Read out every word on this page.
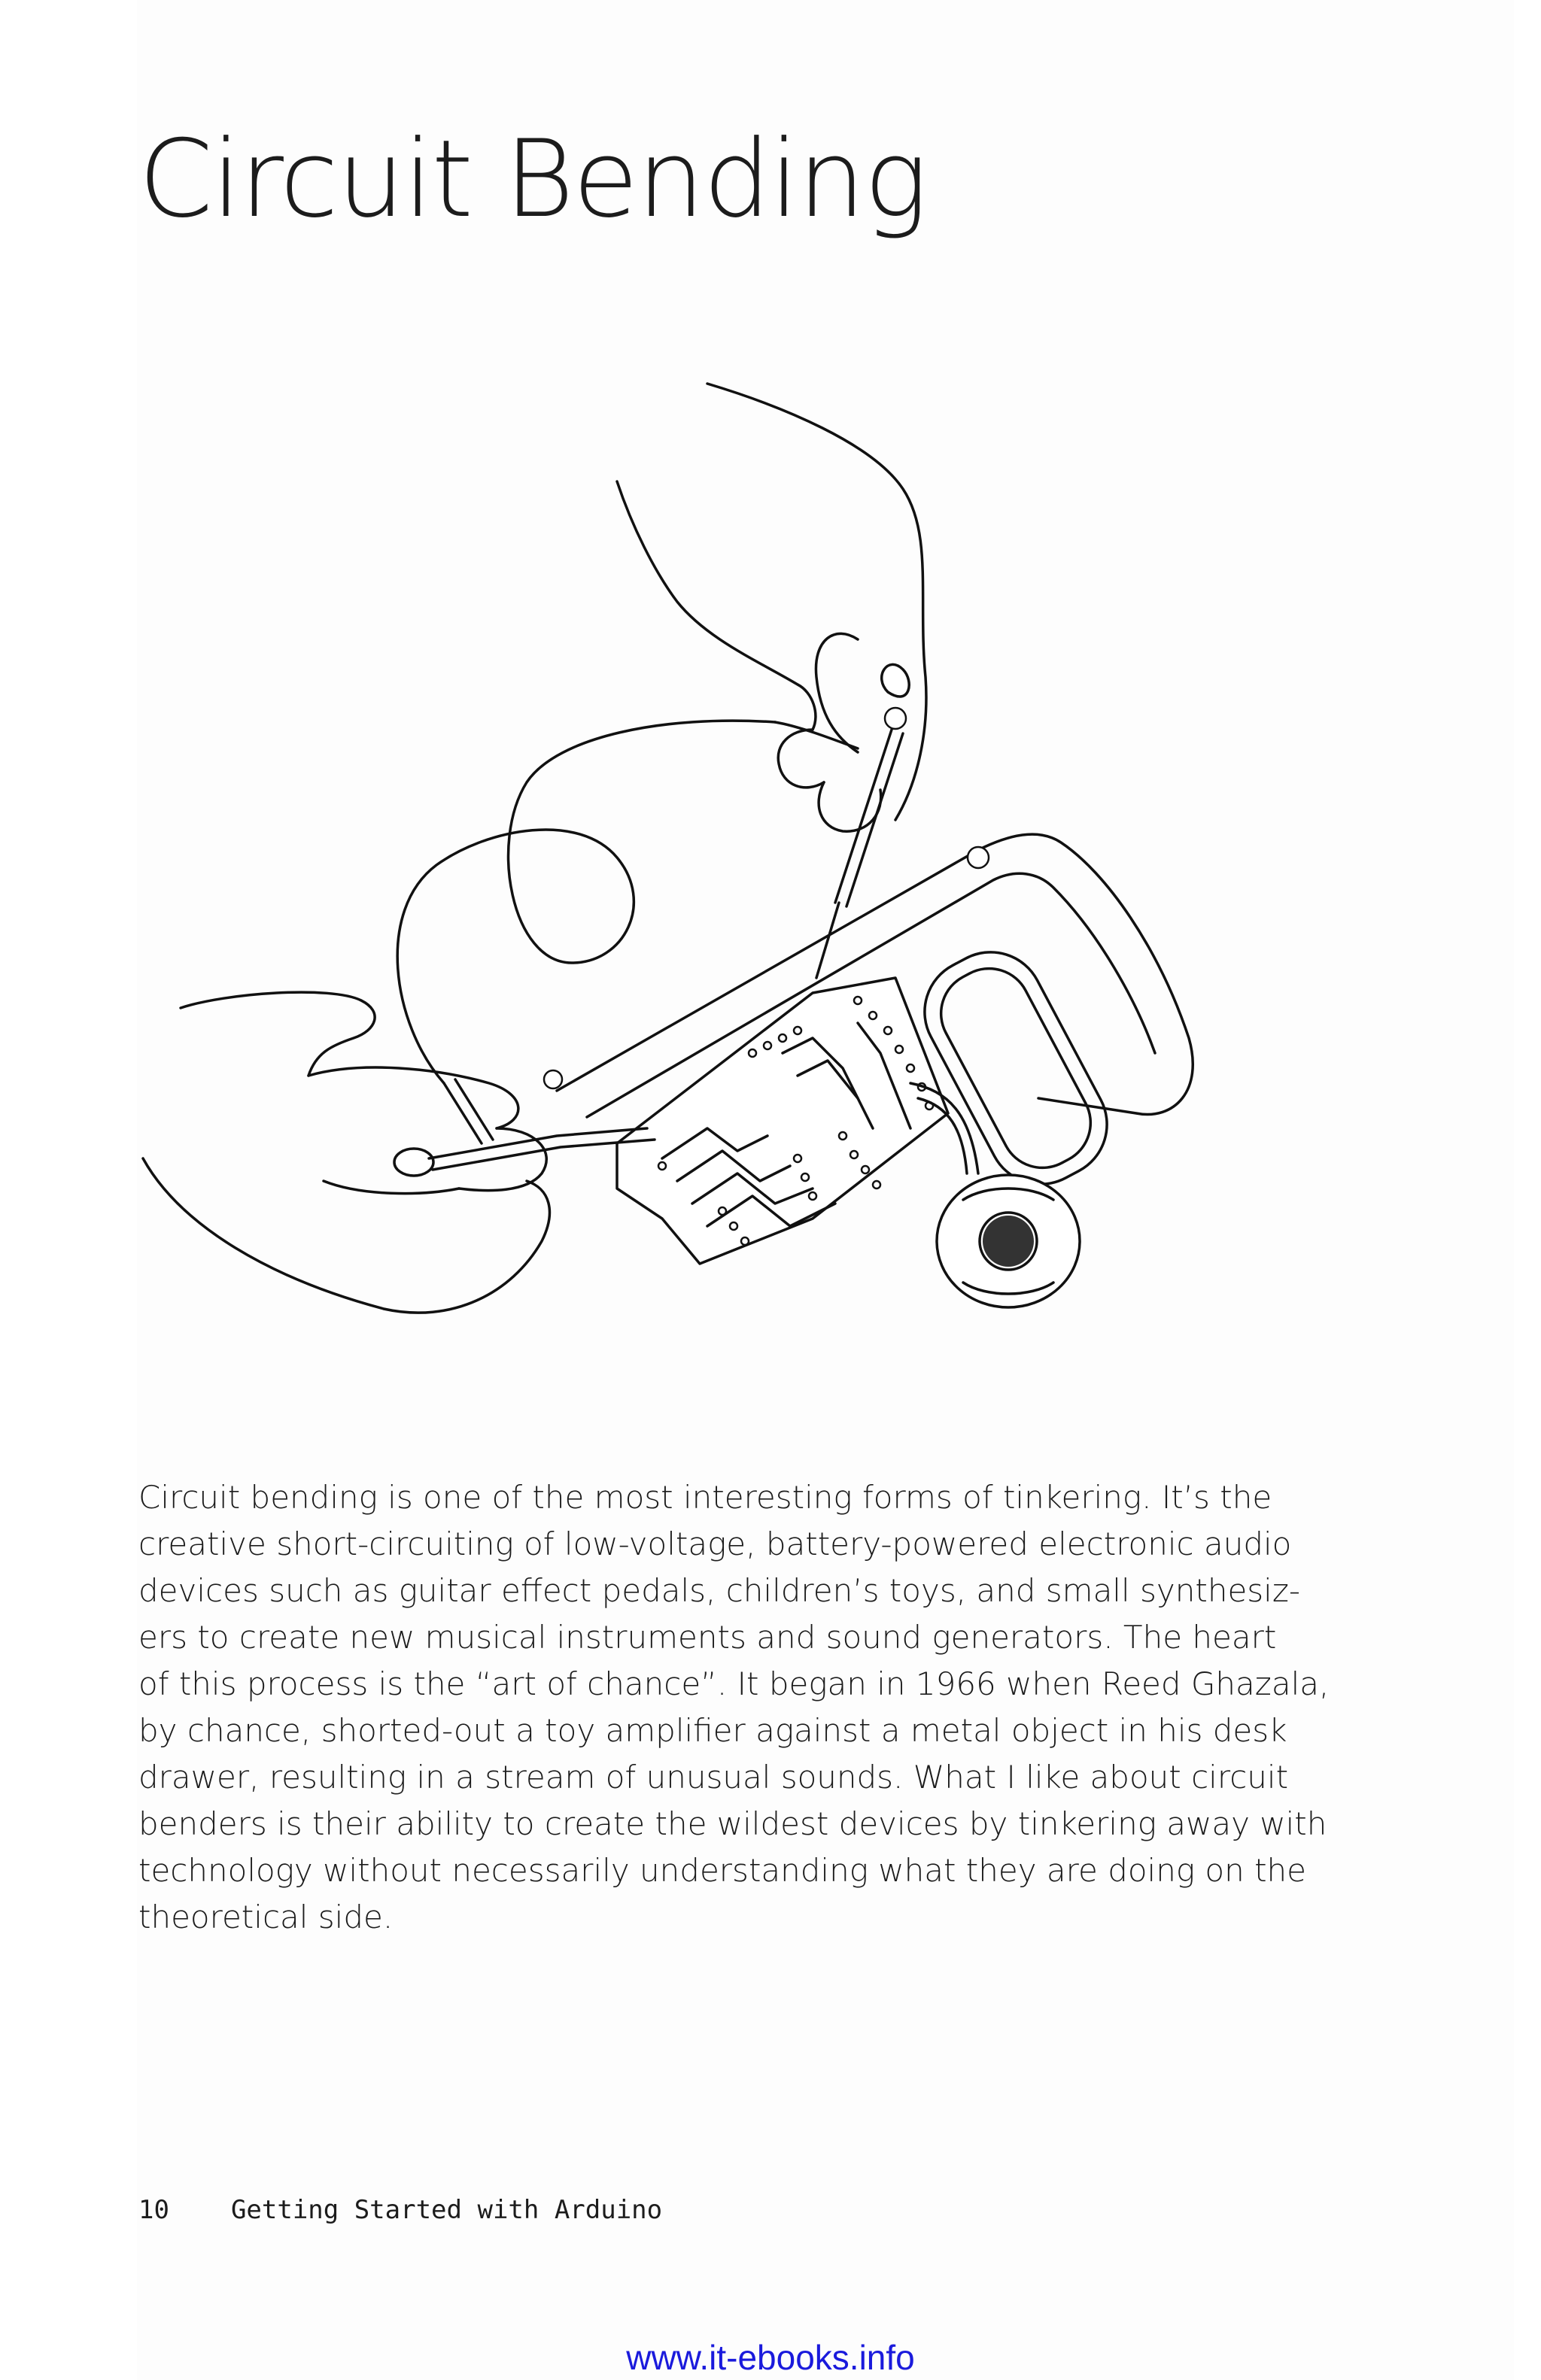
Circuit Bending

Circuit bending is one of the most interesting forms of tinkering. It’s the
creative short-circuiting of low-voltage, battery-powered electronic audio
devices such as guitar effect pedals, children’s toys, and small synthesiz-
ers to create new musical instruments and sound generators. The heart
of this process is the “art of chance”. It began in 1966 when Reed Ghazala,
by chance, shorted-out a toy amplifier against a metal object in his desk
drawer, resulting in a stream of unusual sounds. What I like about circuit
benders is their ability to create the wildest devices by tinkering away with
technology without necessarily understanding what they are doing on the
theoretical side.

10 Getting Started with Arduino
www.it-ebooks.info
